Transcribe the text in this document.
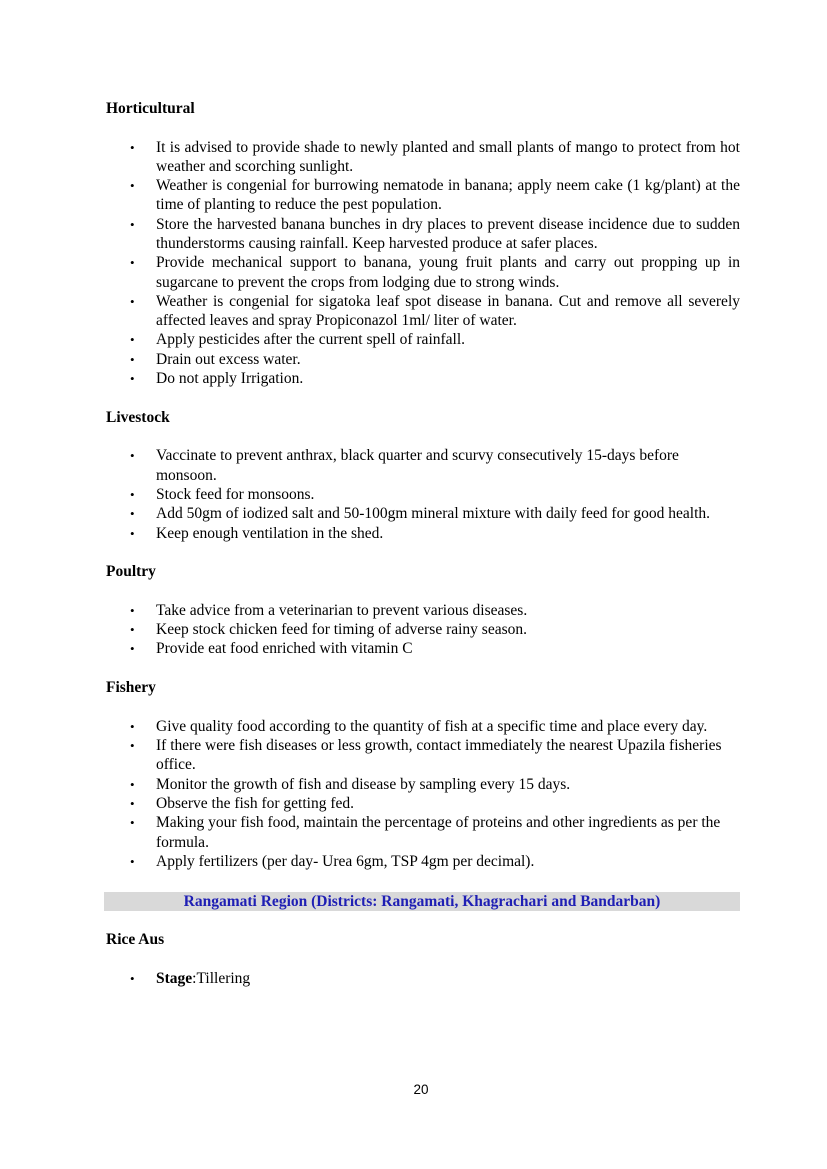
Horticultural
• It is advised to provide shade to newly planted and small plants of mango to protect from hot weather and scorching sunlight.
• Weather is congenial for burrowing nematode in banana; apply neem cake (1 kg/plant) at the time of planting to reduce the pest population.
• Store the harvested banana bunches in dry places to prevent disease incidence due to sudden thunderstorms causing rainfall. Keep harvested produce at safer places.
• Provide mechanical support to banana, young fruit plants and carry out propping up in sugarcane to prevent the crops from lodging due to strong winds.
• Weather is congenial for sigatoka leaf spot disease in banana. Cut and remove all severely affected leaves and spray Propiconazol 1ml/ liter of water.
• Apply pesticides after the current spell of rainfall.
• Drain out excess water.
• Do not apply Irrigation.
Livestock
• Vaccinate to prevent anthrax, black quarter and scurvy consecutively 15-days before monsoon.
• Stock feed for monsoons.
• Add 50gm of iodized salt and 50-100gm mineral mixture with daily feed for good health.
• Keep enough ventilation in the shed.
Poultry
• Take advice from a veterinarian to prevent various diseases.
• Keep stock chicken feed for timing of adverse rainy season.
• Provide eat food enriched with vitamin C
Fishery
• Give quality food according to the quantity of fish at a specific time and place every day.
• If there were fish diseases or less growth, contact immediately the nearest Upazila fisheries office.
• Monitor the growth of fish and disease by sampling every 15 days.
• Observe the fish for getting fed.
• Making your fish food, maintain the percentage of proteins and other ingredients as per the formula.
• Apply fertilizers (per day- Urea 6gm, TSP 4gm per decimal).
Rangamati Region (Districts: Rangamati, Khagrachari and Bandarban)
Rice Aus
• Stage:Tillering
20
